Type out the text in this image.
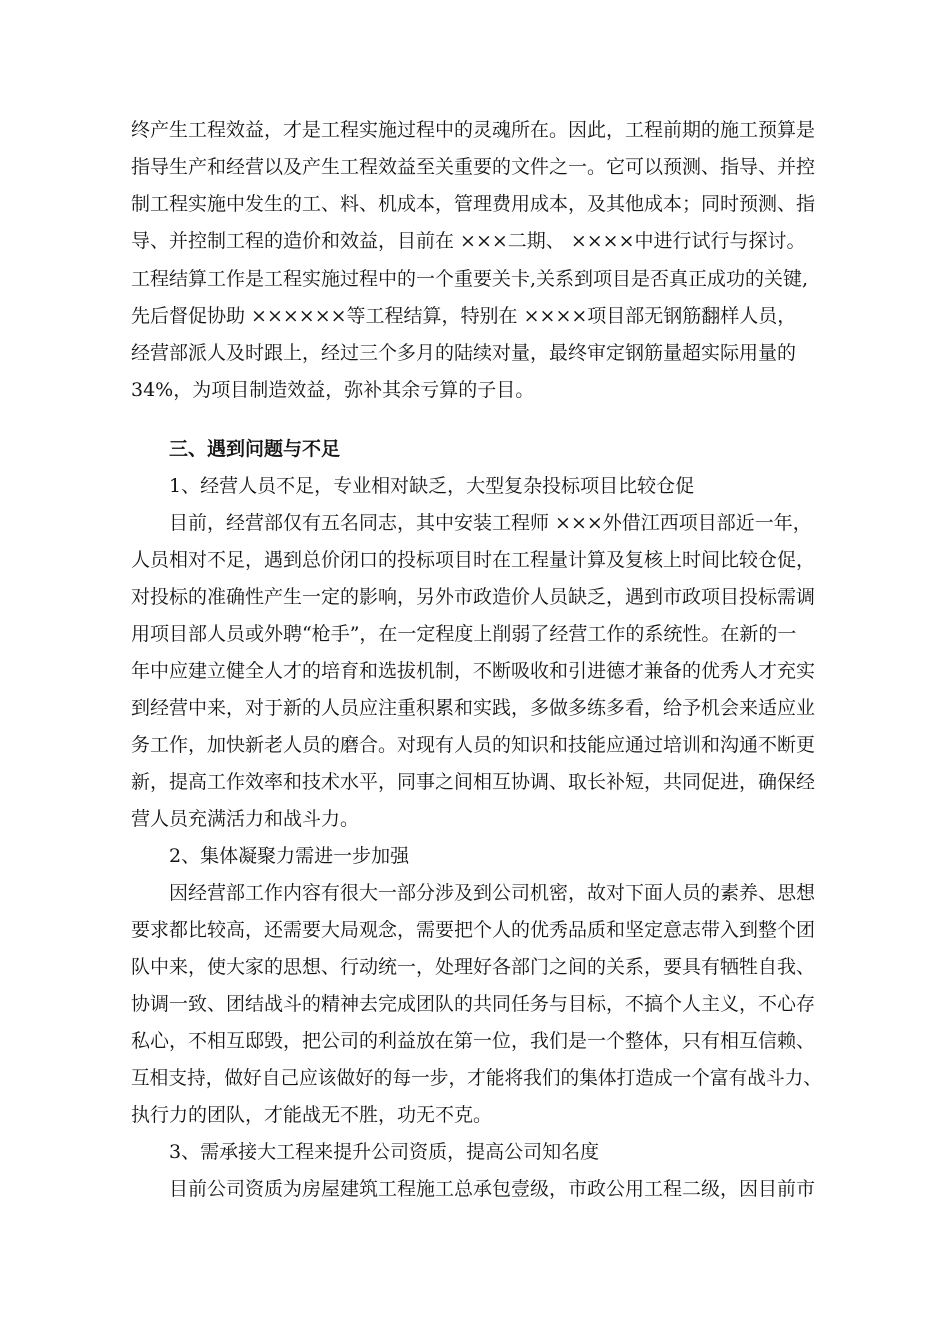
终产生工程效益，才是工程实施过程中的灵魂所在。因此，工程前期的施工预算是
指导生产和经营以及产生工程效益至关重要的文件之一。它可以预测、指导、并控
制工程实施中发生的工、料、机成本，管理费用成本，及其他成本；同时预测、指
导、并控制工程的造价和效益，目前在 ×××二期、 ××××中进行试行与探讨。
工程结算工作是工程实施过程中的一个重要关卡,关系到项目是否真正成功的关键,
先后督促协助 ××××××等工程结算，特别在 ××××项目部无钢筋翻样人员，
经营部派人及时跟上，经过三个多月的陆续对量，最终审定钢筋量超实际用量的
34%，为项目制造效益，弥补其余亏算的子目。
三、遇到问题与不足
1、经营人员不足，专业相对缺乏，大型复杂投标项目比较仓促
目前，经营部仅有五名同志，其中安装工程师 ×××外借江西项目部近一年，
人员相对不足，遇到总价闭口的投标项目时在工程量计算及复核上时间比较仓促，
对投标的准确性产生一定的影响，另外市政造价人员缺乏，遇到市政项目投标需调
用项目部人员或外聘“枪手”，在一定程度上削弱了经营工作的系统性。在新的一
年中应建立健全人才的培育和选拔机制，不断吸收和引进德才兼备的优秀人才充实
到经营中来，对于新的人员应注重积累和实践，多做多练多看，给予机会来适应业
务工作，加快新老人员的磨合。对现有人员的知识和技能应通过培训和沟通不断更
新，提高工作效率和技术水平，同事之间相互协调、取长补短，共同促进，确保经
营人员充满活力和战斗力。
2、集体凝聚力需进一步加强
因经营部工作内容有很大一部分涉及到公司机密，故对下面人员的素养、思想
要求都比较高，还需要大局观念，需要把个人的优秀品质和坚定意志带入到整个团
队中来，使大家的思想、行动统一，处理好各部门之间的关系，要具有牺牲自我、
协调一致、团结战斗的精神去完成团队的共同任务与目标，不搞个人主义，不心存
私心，不相互邸毁，把公司的利益放在第一位，我们是一个整体，只有相互信赖、
互相支持，做好自己应该做好的每一步，才能将我们的集体打造成一个富有战斗力、
执行力的团队，才能战无不胜，功无不克。
3、需承接大工程来提升公司资质，提高公司知名度
目前公司资质为房屋建筑工程施工总承包壹级，市政公用工程二级，因目前市
